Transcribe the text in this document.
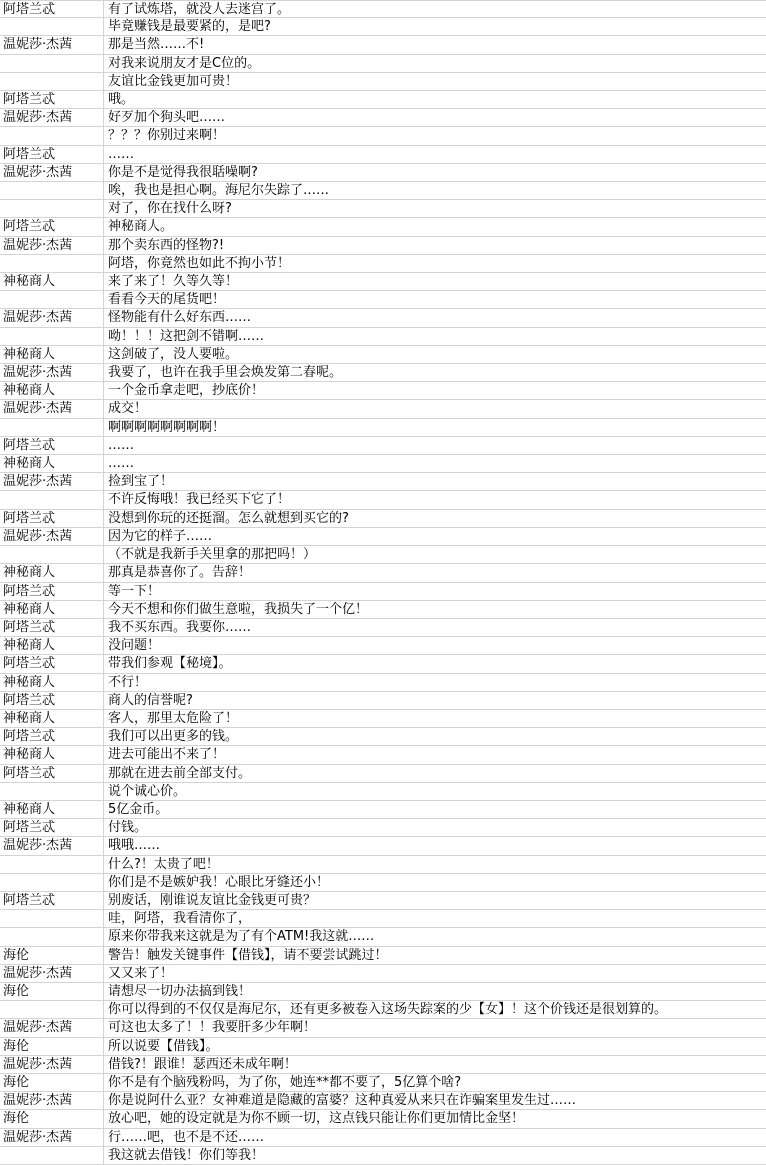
阿塔兰忒	有了试炼塔，就没人去迷宫了。
毕竟赚钱是最要紧的，是吧?
温妮莎·杰茜	那是当然……不!
对我来说朋友才是C位的。
友谊比金钱更加可贵！
阿塔兰忒	哦。
温妮莎·杰茜	好歹加个狗头吧……
？？？你别过来啊！
阿塔兰忒	……
温妮莎·杰茜	你是不是觉得我很聒噪啊?
唉，我也是担心啊。海尼尔失踪了……
对了，你在找什么呀?
阿塔兰忒	神秘商人。
温妮莎·杰茜	那个卖东西的怪物?!
阿塔，你竟然也如此不拘小节！
神秘商人	来了来了！久等久等！
看看今天的尾货吧！
温妮莎·杰茜	怪物能有什么好东西……
呦！！！这把剑不错啊……
神秘商人	这剑破了，没人要啦。
温妮莎·杰茜	我要了，也许在我手里会焕发第二春呢。
神秘商人	一个金币拿走吧，抄底价！
温妮莎·杰茜	成交！
啊啊啊啊啊啊啊啊！
阿塔兰忒	……
神秘商人	……
温妮莎·杰茜	捡到宝了！
不许反悔哦！我已经买下它了！
阿塔兰忒	没想到你玩的还挺溜。怎么就想到买它的?
温妮莎·杰茜	因为它的样子……
（不就是我新手关里拿的那把吗！）
神秘商人	那真是恭喜你了。告辞！
阿塔兰忒	等一下！
神秘商人	今天不想和你们做生意啦，我损失了一个亿！
阿塔兰忒	我不买东西。我要你……
神秘商人	没问题！
阿塔兰忒	带我们参观【秘境】。
神秘商人	不行！
阿塔兰忒	商人的信誉呢?
神秘商人	客人，那里太危险了！
阿塔兰忒	我们可以出更多的钱。
神秘商人	进去可能出不来了！
阿塔兰忒	那就在进去前全部支付。
说个诚心价。
神秘商人	5亿金币。
阿塔兰忒	付钱。
温妮莎·杰茜	哦哦……
什么?！太贵了吧！
你们是不是嫉妒我！心眼比牙缝还小！
阿塔兰忒	别废话，刚谁说友谊比金钱更可贵？
哇，阿塔，我看清你了，
原来你带我来这就是为了有个ATM!我这就……
海伦	警告！触发关键事件【借钱】，请不要尝试跳过！
温妮莎·杰茜	又又来了！
海伦	请想尽一切办法搞到钱！
你可以得到的不仅仅是海尼尔，还有更多被卷入这场失踪案的少【女】！这个价钱还是很划算的。
温妮莎·杰茜	可这也太多了！！我要肝多少年啊！
海伦	所以说要【借钱】。
温妮莎·杰茜	借钱?！跟谁！瑟西还未成年啊！
海伦	你不是有个脑残粉吗，为了你，她连**都不要了，5亿算个啥?
温妮莎·杰茜	你是说阿什么亚？女神难道是隐藏的富婆？这种真爱从来只在诈骗案里发生过……
海伦	放心吧，她的设定就是为你不顾一切，这点钱只能让你们更加情比金坚！
温妮莎·杰茜	行……吧，也不是不还……
我这就去借钱！你们等我！
